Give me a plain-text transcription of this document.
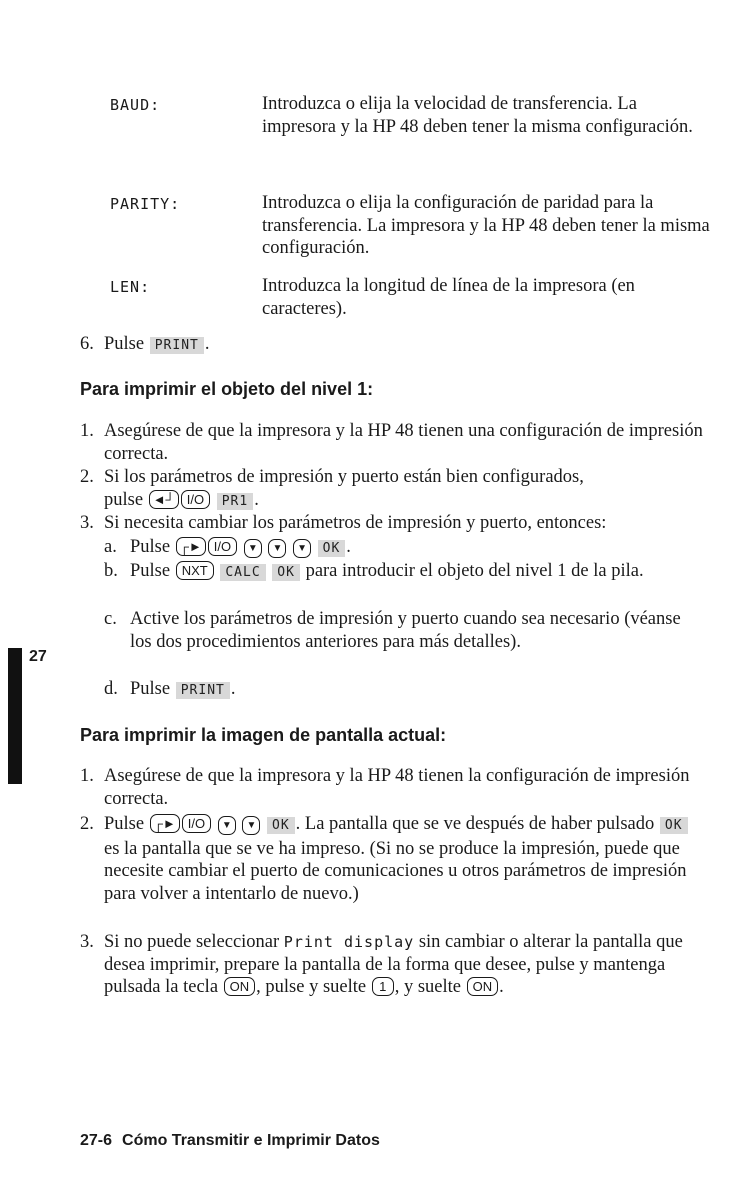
BAUD:	Introduzca o elija la velocidad de transferencia. La impresora y la HP 48 deben tener la misma configuración.
PARITY:	Introduzca o elija la configuración de paridad para la transferencia. La impresora y la HP 48 deben tener la misma configuración.
LEN:	Introduzca la longitud de línea de la impresora (en caracteres).
6. Pulse PRINT .
Para imprimir el objeto del nivel 1:
1. Asegúrese de que la impresora y la HP 48 tienen una configuración de impresión correcta.
2. Si los parámetros de impresión y puerto están bien configurados,
pulse ◄┘ I/O PR1 .
3. Si necesita cambiar los parámetros de impresión y puerto, entonces:
a. Pulse ┌► I/O ▼ ▼ ▼ OK .
b. Pulse NXT CALC OK para introducir el objeto del nivel 1 de la pila.
c. Active los parámetros de impresión y puerto cuando sea necesario (véanse los dos procedimientos anteriores para más detalles).
d. Pulse PRINT .
27
Para imprimir la imagen de pantalla actual:
1. Asegúrese de que la impresora y la HP 48 tienen la configuración de impresión correcta.
2. Pulse ┌► I/O ▼ ▼ OK . La pantalla que se ve después de haber pulsado OK es la pantalla que se ve ha impreso. (Si no se produce la impresión, puede que necesite cambiar el puerto de comunicaciones u otros parámetros de impresión para volver a intentarlo de nuevo.)
3. Si no puede seleccionar Print display sin cambiar o alterar la pantalla que desea imprimir, prepare la pantalla de la forma que desee, pulse y mantenga pulsada la tecla ON , pulse y suelte 1 , y suelte ON .
27-6 Cómo Transmitir e Imprimir Datos
